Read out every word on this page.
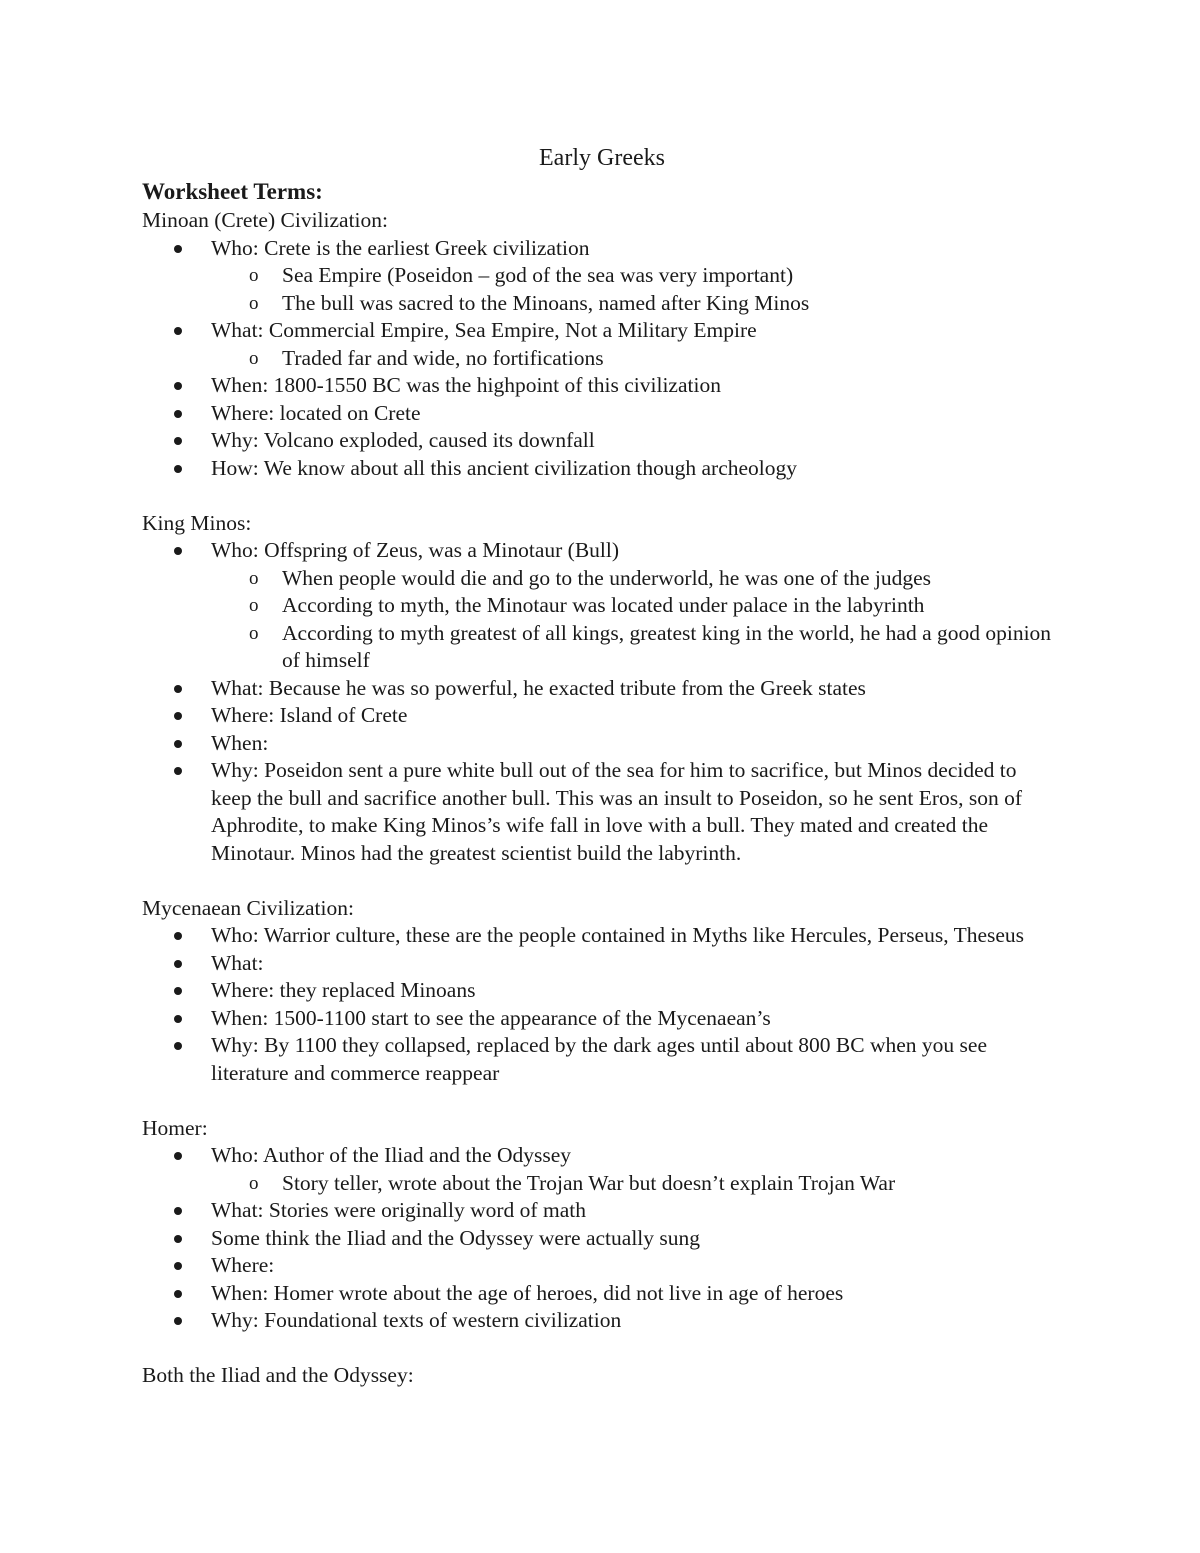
Early Greeks
Worksheet Terms:
Minoan (Crete) Civilization:
Who: Crete is the earliest Greek civilization
o Sea Empire (Poseidon – god of the sea was very important)
o The bull was sacred to the Minoans, named after King Minos
What: Commercial Empire, Sea Empire, Not a Military Empire
o Traded far and wide, no fortifications
When: 1800-1550 BC was the highpoint of this civilization
Where: located on Crete
Why: Volcano exploded, caused its downfall
How: We know about all this ancient civilization though archeology
King Minos:
Who: Offspring of Zeus, was a Minotaur (Bull)
o When people would die and go to the underworld, he was one of the judges
o According to myth, the Minotaur was located under palace in the labyrinth
o According to myth greatest of all kings, greatest king in the world, he had a good opinion of himself
What: Because he was so powerful, he exacted tribute from the Greek states
Where: Island of Crete
When:
Why: Poseidon sent a pure white bull out of the sea for him to sacrifice, but Minos decided to keep the bull and sacrifice another bull. This was an insult to Poseidon, so he sent Eros, son of Aphrodite, to make King Minos’s wife fall in love with a bull. They mated and created the Minotaur. Minos had the greatest scientist build the labyrinth.
Mycenaean Civilization:
Who: Warrior culture, these are the people contained in Myths like Hercules, Perseus, Theseus
What:
Where: they replaced Minoans
When: 1500-1100 start to see the appearance of the Mycenaean’s
Why: By 1100 they collapsed, replaced by the dark ages until about 800 BC when you see literature and commerce reappear
Homer:
Who: Author of the Iliad and the Odyssey
o Story teller, wrote about the Trojan War but doesn’t explain Trojan War
What: Stories were originally word of math
Some think the Iliad and the Odyssey were actually sung
Where:
When: Homer wrote about the age of heroes, did not live in age of heroes
Why: Foundational texts of western civilization
Both the Iliad and the Odyssey:
